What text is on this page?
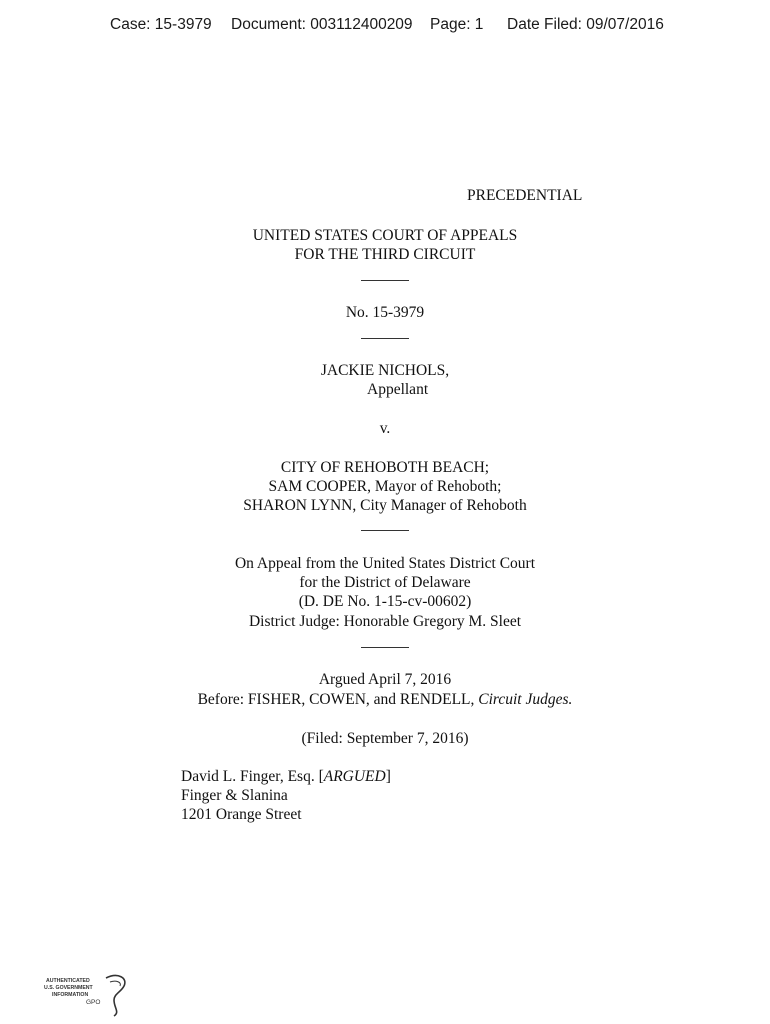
Case: 15-3979 Document: 003112400209 Page: 1 Date Filed: 09/07/2016
PRECEDENTIAL
UNITED STATES COURT OF APPEALS
FOR THE THIRD CIRCUIT
No. 15-3979
JACKIE NICHOLS,
Appellant
v.
CITY OF REHOBOTH BEACH;
SAM COOPER, Mayor of Rehoboth;
SHARON LYNN, City Manager of Rehoboth
On Appeal from the United States District Court
for the District of Delaware
(D. DE No. 1-15-cv-00602)
District Judge: Honorable Gregory M. Sleet
Argued April 7, 2016
Before: FISHER, COWEN, and RENDELL, Circuit Judges.
(Filed: September 7, 2016)
David L. Finger, Esq. [ARGUED]
Finger & Slanina
1201 Orange Street
AUTHENTICATED
U.S. GOVERNMENT
INFORMATION
GPO
